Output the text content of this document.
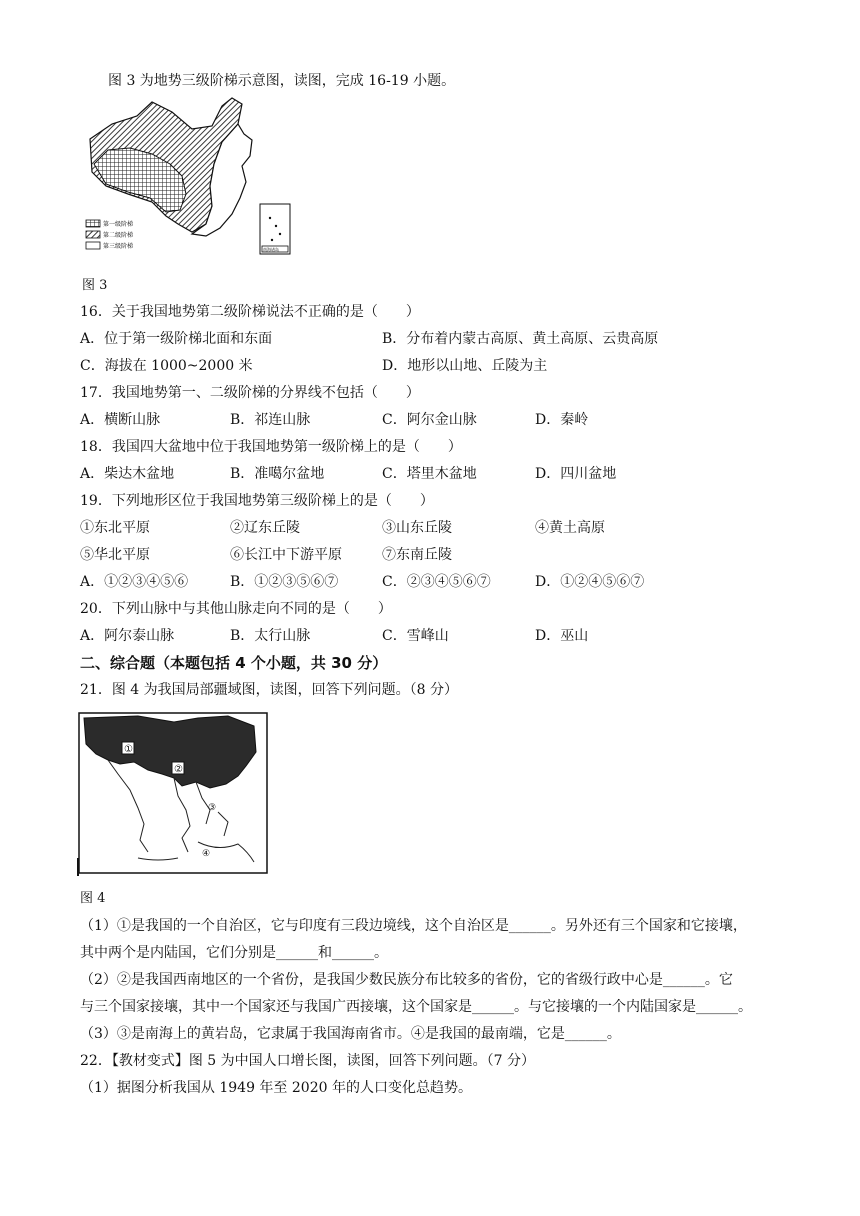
图 3 为地势三级阶梯示意图，读图，完成 16-19 小题。
第一级阶梯
第二级阶梯
第三级阶梯	南海诸岛
图 3
16．关于我国地势第二级阶梯说法不正确的是（　　）
A．位于第一级阶梯北面和东面	B．分布着内蒙古高原、黄土高原、云贵高原
C．海拔在 1000~2000 米	D．地形以山地、丘陵为主
17．我国地势第一、二级阶梯的分界线不包括（　　）
A．横断山脉	B．祁连山脉	C．阿尔金山脉	D．秦岭
18．我国四大盆地中位于我国地势第一级阶梯上的是（　　）
A．柴达木盆地	B．准噶尔盆地	C．塔里木盆地	D．四川盆地
19．下列地形区位于我国地势第三级阶梯上的是（　　）
①东北平原	②辽东丘陵	③山东丘陵	④黄土高原
⑤华北平原	⑥长江中下游平原	⑦东南丘陵
A．①②③④⑤⑥	B．①②③⑤⑥⑦	C．②③④⑤⑥⑦	D．①②④⑤⑥⑦
20．下列山脉中与其他山脉走向不同的是（　　）
A．阿尔泰山脉	B．太行山脉	C．雪峰山	D．巫山
二、综合题（本题包括 4 个小题，共 30 分）
21．图 4 为我国局部疆域图，读图，回答下列问题。（8 分）
①
②
③
④
图 4
（1）①是我国的一个自治区，它与印度有三段边境线，这个自治区是______。另外还有三个国家和它接壤，
其中两个是内陆国，它们分别是______和______。
（2）②是我国西南地区的一个省份，是我国少数民族分布比较多的省份，它的省级行政中心是______。它
与三个国家接壤，其中一个国家还与我国广西接壤，这个国家是______。与它接壤的一个内陆国家是______。
（3）③是南海上的黄岩岛，它隶属于我国海南省市。④是我国的最南端，它是______。
22．【教材变式】图 5 为中国人口增长图，读图，回答下列问题。（7 分）
（1）据图分析我国从 1949 年至 2020 年的人口变化总趋势。
